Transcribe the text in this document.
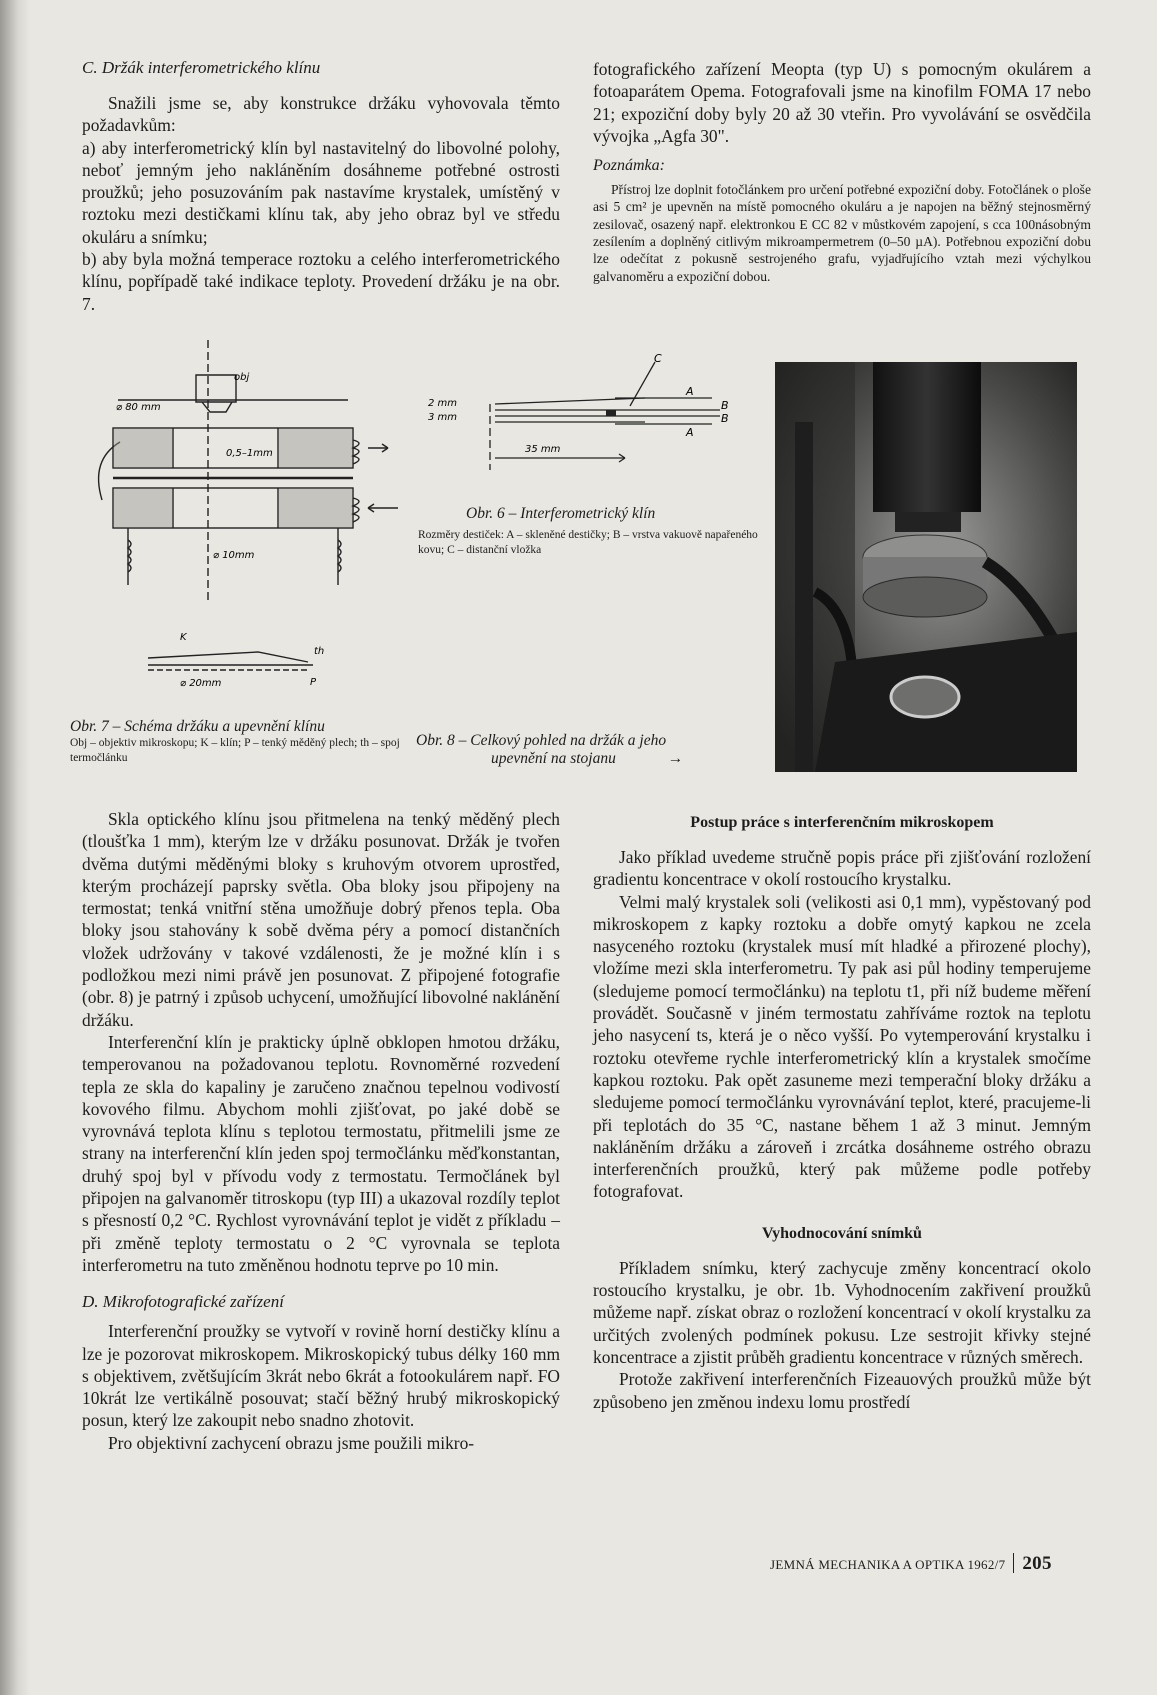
C. Držák interferometrického klínu

Snažili jsme se, aby konstrukce držáku vyhovovala těmto požadavkům:

a) aby interferometrický klín byl nastavitelný do libovolné polohy, neboť jemným jeho nakláněním dosáhneme potřebné ostrosti proužků; jeho posuzováním pak nastavíme krystalek, umístěný v roztoku mezi destičkami klínu tak, aby jeho obraz byl ve středu okuláru a snímku;

b) aby byla možná temperace roztoku a celého interferometrického klínu, popřípadě také indikace teploty. Provedení držáku je na obr. 7.

obj
⌀ 80 mm
0,5–1mm
⌀ 10mm
K
th
⌀ 20mm	P
C
A
B
B
A
2 mm
3 mm
35 mm
Obr. 6 – Interferometrický klín
Rozměry destiček: A – skleněné destičky; B – vrstva vakuově napařeného kovu; C – distanční vložka
Obr. 7 – Schéma držáku a upevnění klínu
Obj – objektiv mikroskopu; K – klín; P – tenký měděný plech; th – spoj termočlánku
Obr. 8 – Celkový pohled na držák a jeho
upevnění na stojanu	→

Skla optického klínu jsou přitmelena na tenký měděný plech (tloušťka 1 mm), kterým lze v držáku posunovat. Držák je tvořen dvěma dutými měděnými bloky s kruhovým otvorem uprostřed, kterým procházejí paprsky světla. Oba bloky jsou připojeny na termostat; tenká vnitřní stěna umožňuje dobrý přenos tepla. Oba bloky jsou stahovány k sobě dvěma péry a pomocí distančních vložek udržovány v takové vzdálenosti, že je možné klín i s podložkou mezi nimi právě jen posunovat. Z připojené fotografie (obr. 8) je patrný i způsob uchycení, umožňující libovolné naklánění držáku.

Interferenční klín je prakticky úplně obklopen hmotou držáku, temperovanou na požadovanou teplotu. Rovnoměrné rozvedení tepla ze skla do kapaliny je zaručeno značnou tepelnou vodivostí kovového filmu. Abychom mohli zjišťovat, po jaké době se vyrovnává teplota klínu s teplotou termostatu, přitmelili jsme ze strany na interferenční klín jeden spoj termočlánku měďkonstantan, druhý spoj byl v přívodu vody z termostatu. Termočlánek byl připojen na galvanoměr titroskopu (typ III) a ukazoval rozdíly teplot s přesností 0,2 °C. Rychlost vyrovnávání teplot je vidět z příkladu – při změně teploty termostatu o 2 °C vyrovnala se teplota interferometru na tuto změněnou hodnotu teprve po 10 min.

D. Mikrofotografické zařízení

Interferenční proužky se vytvoří v rovině horní destičky klínu a lze je pozorovat mikroskopem. Mikroskopický tubus délky 160 mm s objektivem, zvětšujícím 3krát nebo 6krát a fotookulárem např. FO 10krát lze vertikálně posouvat; stačí běžný hrubý mikroskopický posun, který lze zakoupit nebo snadno zhotovit.

Pro objektivní zachycení obrazu jsme použili mikro-

fotografického zařízení Meopta (typ U) s pomocným okulárem a fotoaparátem Opema. Fotografovali jsme na kinofilm FOMA 17 nebo 21; expoziční doby byly 20 až 30 vteřin. Pro vyvolávání se osvědčila vývojka „Agfa 30".

Poznámka:

Přístroj lze doplnit fotočlánkem pro určení potřebné expoziční doby. Fotočlánek o ploše asi 5 cm² je upevněn na místě pomocného okuláru a je napojen na běžný stejnosměrný zesilovač, osazený např. elektronkou E CC 82 v můstkovém zapojení, s cca 100násobným zesílením a doplněný citlivým mikroampermetrem (0–50 µA). Potřebnou expoziční dobu lze odečítat z pokusně sestrojeného grafu, vyjadřujícího vztah mezi výchylkou galvanoměru a expoziční dobou.

Postup práce s interferenčním mikroskopem

Jako příklad uvedeme stručně popis práce při zjišťování rozložení gradientu koncentrace v okolí rostoucího krystalku.

Velmi malý krystalek soli (velikosti asi 0,1 mm), vypěstovaný pod mikroskopem z kapky roztoku a dobře omytý kapkou ne zcela nasyceného roztoku (krystalek musí mít hladké a přirozené plochy), vložíme mezi skla interferometru. Ty pak asi půl hodiny temperujeme (sledujeme pomocí termočlánku) na teplotu t1, při níž budeme měření provádět. Současně v jiném termostatu zahříváme roztok na teplotu jeho nasycení ts, která je o něco vyšší. Po vytemperování krystalku i roztoku otevřeme rychle interferometrický klín a krystalek smočíme kapkou roztoku. Pak opět zasuneme mezi temperační bloky držáku a sledujeme pomocí termočlánku vyrovnávání teplot, které, pracujeme-li při teplotách do 35 °C, nastane během 1 až 3 minut. Jemným nakláněním držáku a zároveň i zrcátka dosáhneme ostrého obrazu interferenčních proužků, který pak můžeme podle potřeby fotografovat.

Vyhodnocování snímků

Příkladem snímku, který zachycuje změny koncentrací okolo rostoucího krystalku, je obr. 1b. Vyhodnocením zakřivení proužků můžeme např. získat obraz o rozložení koncentrací v okolí krystalku za určitých zvolených podmínek pokusu. Lze sestrojit křivky stejné koncentrace a zjistit průběh gradientu koncentrace v různých směrech.

Protože zakřivení interferenčních Fizeauových proužků může být způsobeno jen změnou indexu lomu prostředí

JEMNÁ MECHANIKA A OPTIKA 1962/7 205
